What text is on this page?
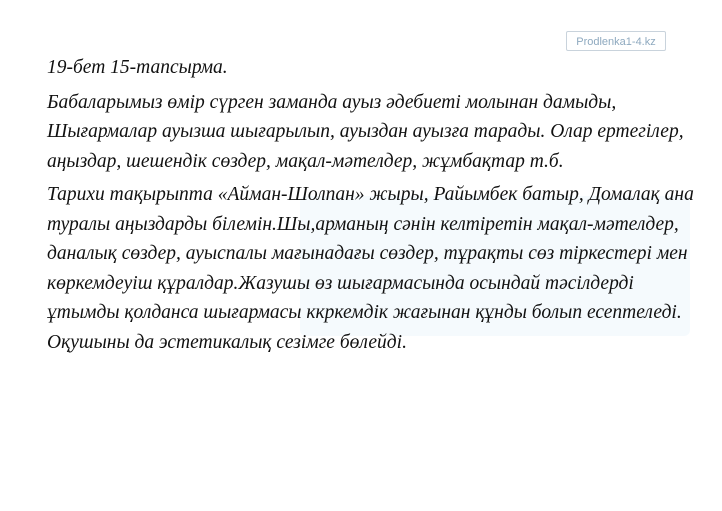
Prodlenka1-4.kz

19-бет 15-тапсырма.

Бабаларымыз өмір сүрген заманда ауыз әдебиеті молынан дамыды, Шығармалар ауызша шығарылып, ауыздан ауызға тарады. Олар ертегілер, аңыздар, шешендік сөздер, мақал-мәтелдер, жұмбақтар т.б.

Тарихи тақырыпта «Айман-Шолпан» жыры, Райымбек батыр, Домалақ ана туралы аңыздарды білемін.Шы,арманың сәнін келтіретін мақал-мәтелдер, даналық сөздер, ауыспалы мағынадағы сөздер, тұрақты сөз тіркестері мен көркемдеуіш құралдар.Жазушы өз шығармасында осындай тәсілдерді ұтымды қолданса шығармасы ккркемдік жағынан құнды болып есептеледі. Оқушыны да эстетикалық сезімге бөлейді.
